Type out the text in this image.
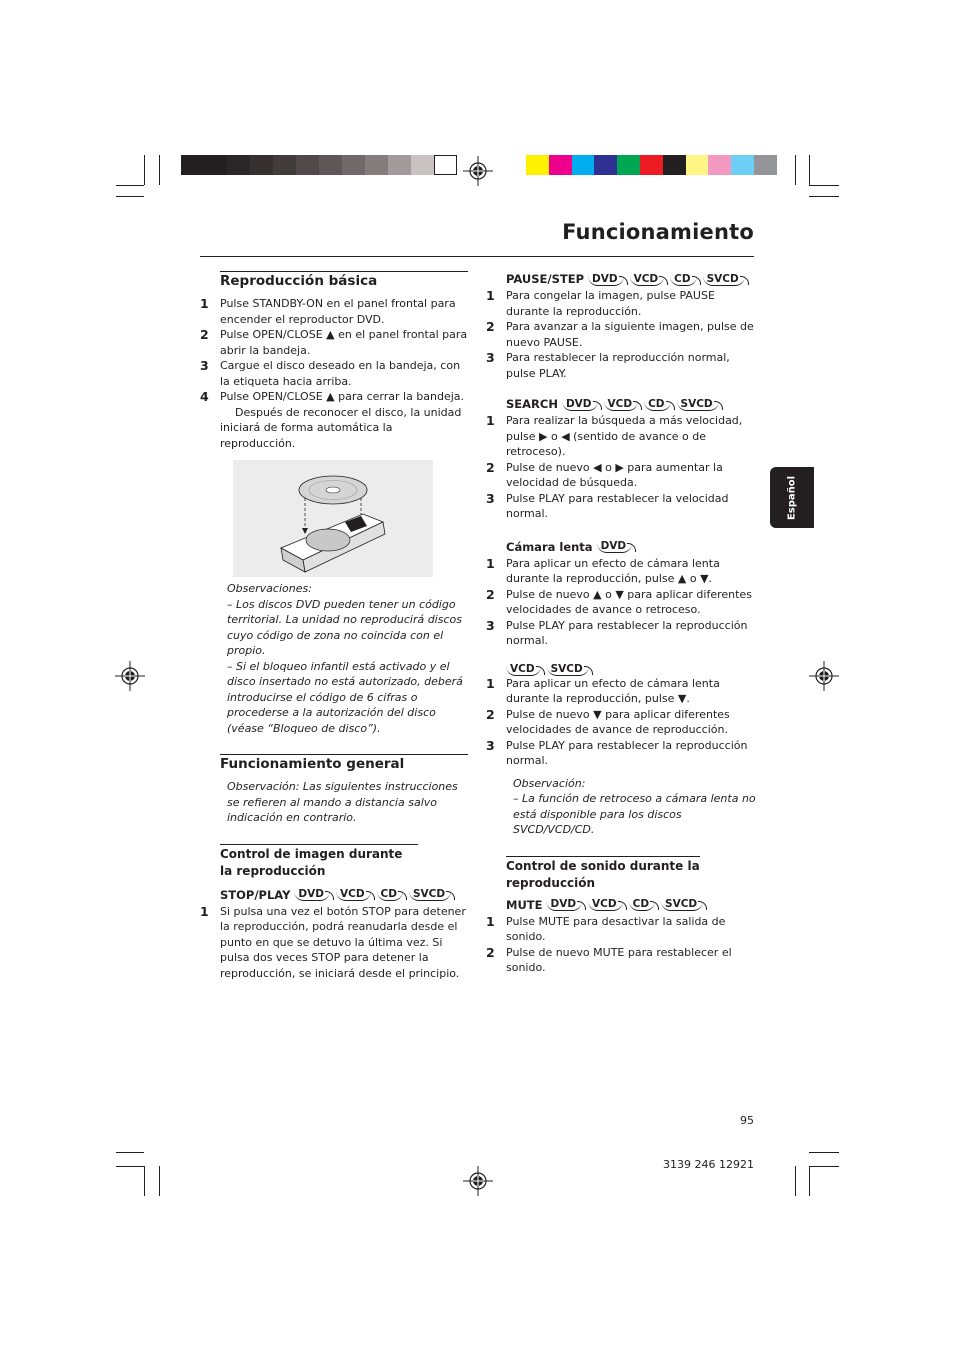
Funcionamiento
Español
Reproducción básica
1	Pulse STANDBY-ON en el panel frontal para encender el reproductor DVD.
2	Pulse OPEN/CLOSE ▲ en el panel frontal para abrir la bandeja.
3	Cargue el disco deseado en la bandeja, con la etiqueta hacia arriba.
4	Pulse OPEN/CLOSE ▲ para cerrar la bandeja.

Después de reconocer el disco, la unidad iniciará de forma automática la reproducción.

Observaciones:

– Los discos DVD pueden tener un código territorial. La unidad no reproducirá discos cuyo código de zona no coincida con el propio.

– Si el bloqueo infantil está activado y el disco insertado no está autorizado, deberá introducirse el código de 6 cifras o procederse a la autorización del disco (véase “Bloqueo de disco”).

Funcionamiento general

Observación: Las siguientes instrucciones se refieren al mando a distancia salvo indicación en contrario.

Control de imagen durante la reproducción
STOP/PLAY DVD	VCD	CD	SVCD
1	Si pulsa una vez el botón STOP para detener la reproducción, podrá reanudarla desde el punto en que se detuvo la última vez. Si pulsa dos veces STOP para detener la reproducción, se iniciará desde el principio.
PAUSE/STEP DVD	VCD	CD	SVCD
1	Para congelar la imagen, pulse PAUSE durante la reproducción.
2	Para avanzar a la siguiente imagen, pulse de nuevo PAUSE.
3	Para restablecer la reproducción normal, pulse PLAY.
SEARCH DVD	VCD	CD	SVCD
1	Para realizar la búsqueda a más velocidad, pulse ▶ o ◀ (sentido de avance o de retroceso).
2	Pulse de nuevo ◀ o ▶ para aumentar la velocidad de búsqueda.
3	Pulse PLAY para restablecer la velocidad normal.
Cámara lenta DVD
1	Para aplicar un efecto de cámara lenta durante la reproducción, pulse ▲ o ▼.
2	Pulse de nuevo ▲ o ▼ para aplicar diferentes velocidades de avance o retroceso.
3	Pulse PLAY para restablecer la reproducción normal.
VCD	SVCD
1	Para aplicar un efecto de cámara lenta durante la reproducción, pulse ▼.
2	Pulse de nuevo ▼ para aplicar diferentes velocidades de avance de reproducción.
3	Pulse PLAY para restablecer la reproducción normal.

Observación:

– La función de retroceso a cámara lenta no está disponible para los discos SVCD/VCD/CD.

Control de sonido durante la reproducción
MUTE DVD	VCD	CD	SVCD
1	Pulse MUTE para desactivar la salida de sonido.
2	Pulse de nuevo MUTE para restablecer el sonido.
95
3139 246 12921
